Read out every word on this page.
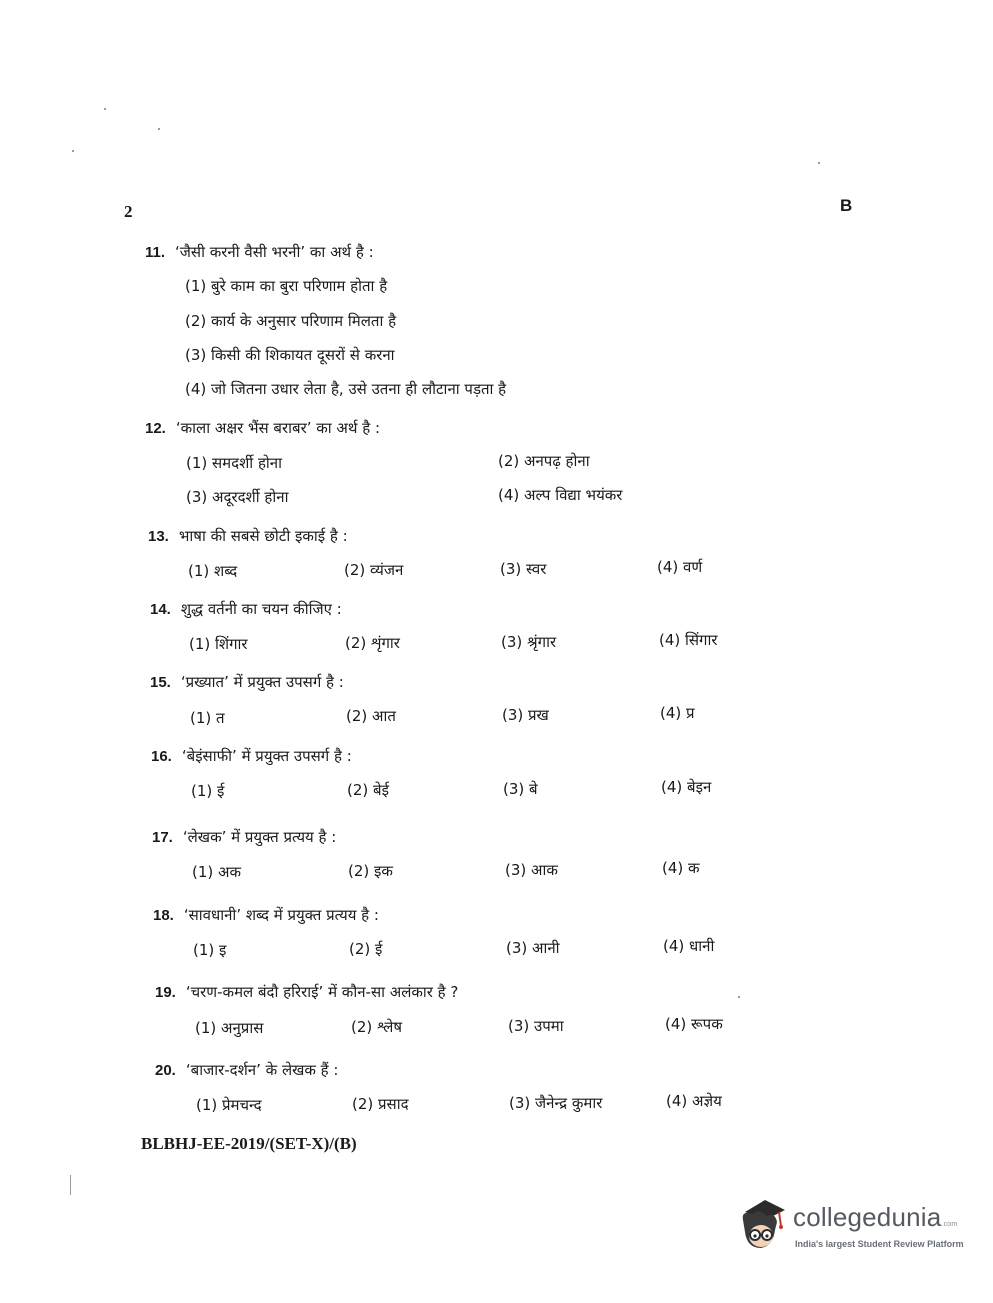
2	B
11. ‘जैसी करनी वैसी भरनी’ का अर्थ है :
(1) बुरे काम का बुरा परिणाम होता है
(2) कार्य के अनुसार परिणाम मिलता है
(3) किसी की शिकायत दूसरों से करना
(4) जो जितना उधार लेता है, उसे उतना ही लौटाना पड़ता है
12. ‘काला अक्षर भैंस बराबर’ का अर्थ है :
(1) समदर्शी होना	(2) अनपढ़ होना
(3) अदूरदर्शी होना	(4) अल्प विद्या भयंकर
13. भाषा की सबसे छोटी इकाई है :
(1) शब्द	(2) व्यंजन	(3) स्वर	(4) वर्ण
14. शुद्ध वर्तनी का चयन कीजिए :
(1) शिंगार	(2) शृंगार	(3) श्रृंगार	(4) सिंगार
15. ‘प्रख्यात’ में प्रयुक्त उपसर्ग है :
(1) त	(2) आत	(3) प्रख	(4) प्र
16. ‘बेइंसाफी’ में प्रयुक्त उपसर्ग है :
(1) ई	(2) बेई	(3) बे	(4) बेइन
17. ‘लेखक’ में प्रयुक्त प्रत्यय है :
(1) अक	(2) इक	(3) आक	(4) क
18. ‘सावधानी’ शब्द में प्रयुक्त प्रत्यय है :
(1) इ	(2) ई	(3) आनी	(4) धानी
19. ‘चरण-कमल बंदौ हरिराई’ में कौन-सा अलंकार है ?
(1) अनुप्रास	(2) श्लेष	(3) उपमा	(4) रूपक
20. ‘बाजार-दर्शन’ के लेखक हैं :
(1) प्रेमचन्द	(2) प्रसाद	(3) जैनेन्द्र कुमार	(4) अज्ञेय
BLBHJ-EE-2019/(SET-X)/(B)
collegedunia.com
India's largest Student Review Platform
